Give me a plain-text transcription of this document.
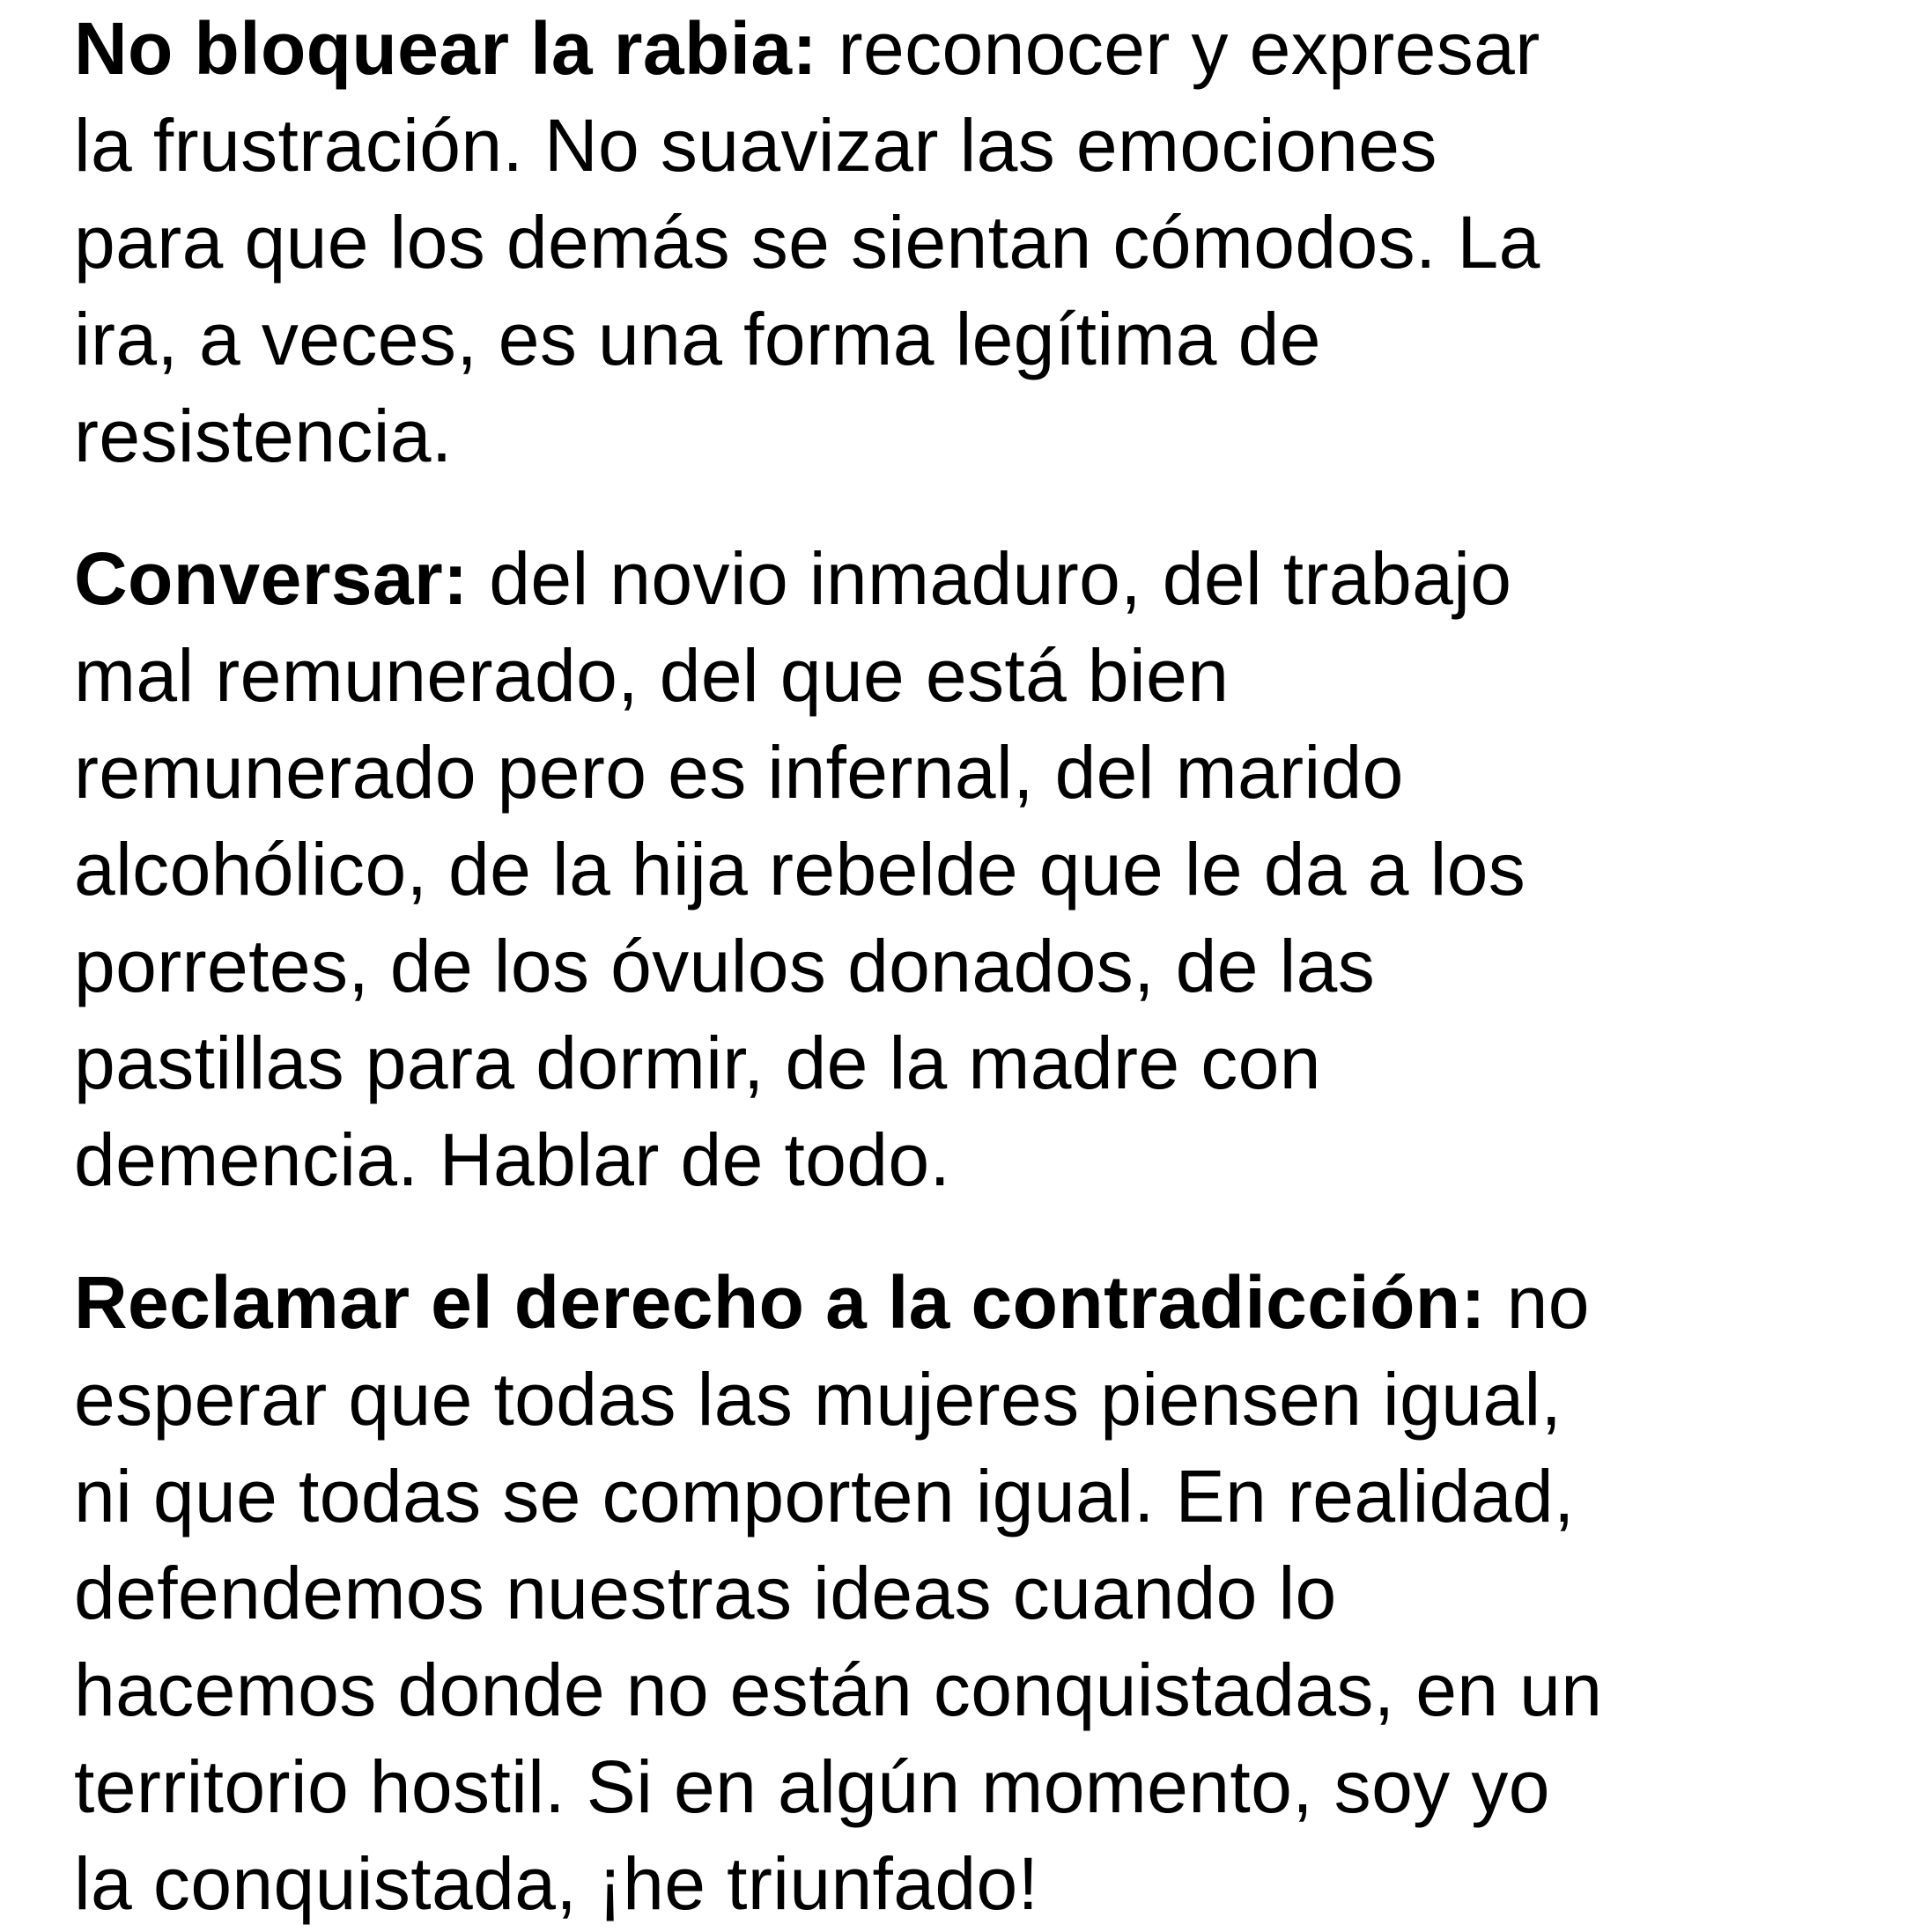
No bloquear la rabia: reconocer y expresar
la frustración. No suavizar las emociones
para que los demás se sientan cómodos. La
ira, a veces, es una forma legítima de
resistencia.

Conversar: del novio inmaduro, del trabajo
mal remunerado, del que está bien
remunerado pero es infernal, del marido
alcohólico, de la hija rebelde que le da a los
porretes, de los óvulos donados, de las
pastillas para dormir, de la madre con
demencia. Hablar de todo.

Reclamar el derecho a la contradicción: no
esperar que todas las mujeres piensen igual,
ni que todas se comporten igual. En realidad,
defendemos nuestras ideas cuando lo
hacemos donde no están conquistadas, en un
territorio hostil. Si en algún momento, soy yo
la conquistada, ¡he triunfado!
